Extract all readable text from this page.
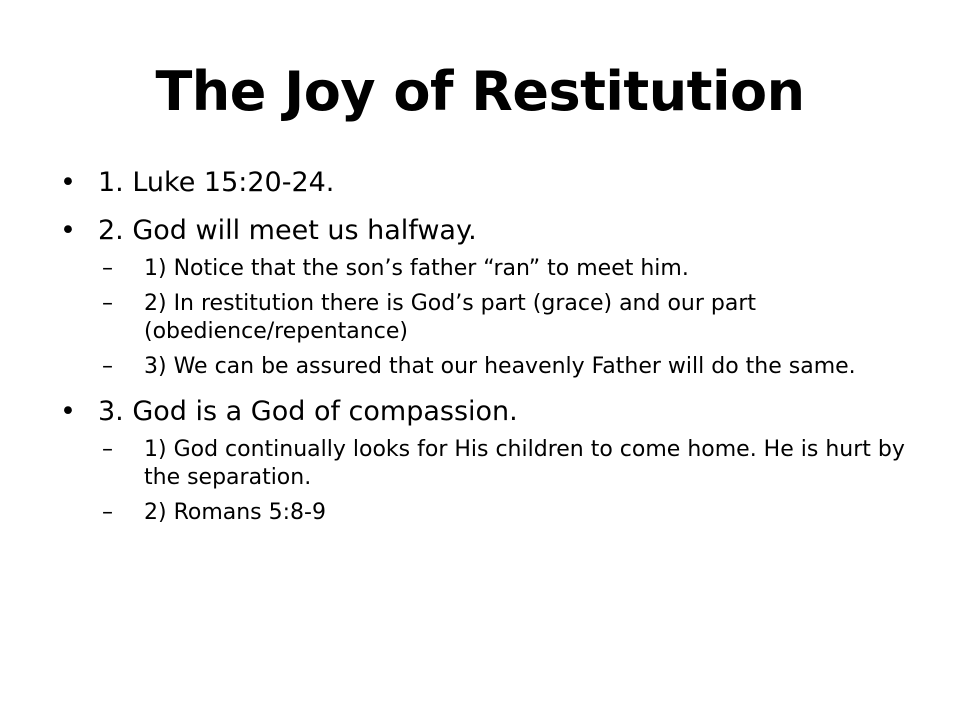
The Joy of Restitution
• 1. Luke 15:20-24.
• 2. God will meet us halfway.
– 1) Notice that the son’s father “ran” to meet him.
– 2) In restitution there is God’s part (grace) and our part (obedience/repentance)
– 3) We can be assured that our heavenly Father will do the same.
• 3. God is a God of compassion.
– 1) God continually looks for His children to come home. He is hurt by the separation.
– 2) Romans 5:8-9
